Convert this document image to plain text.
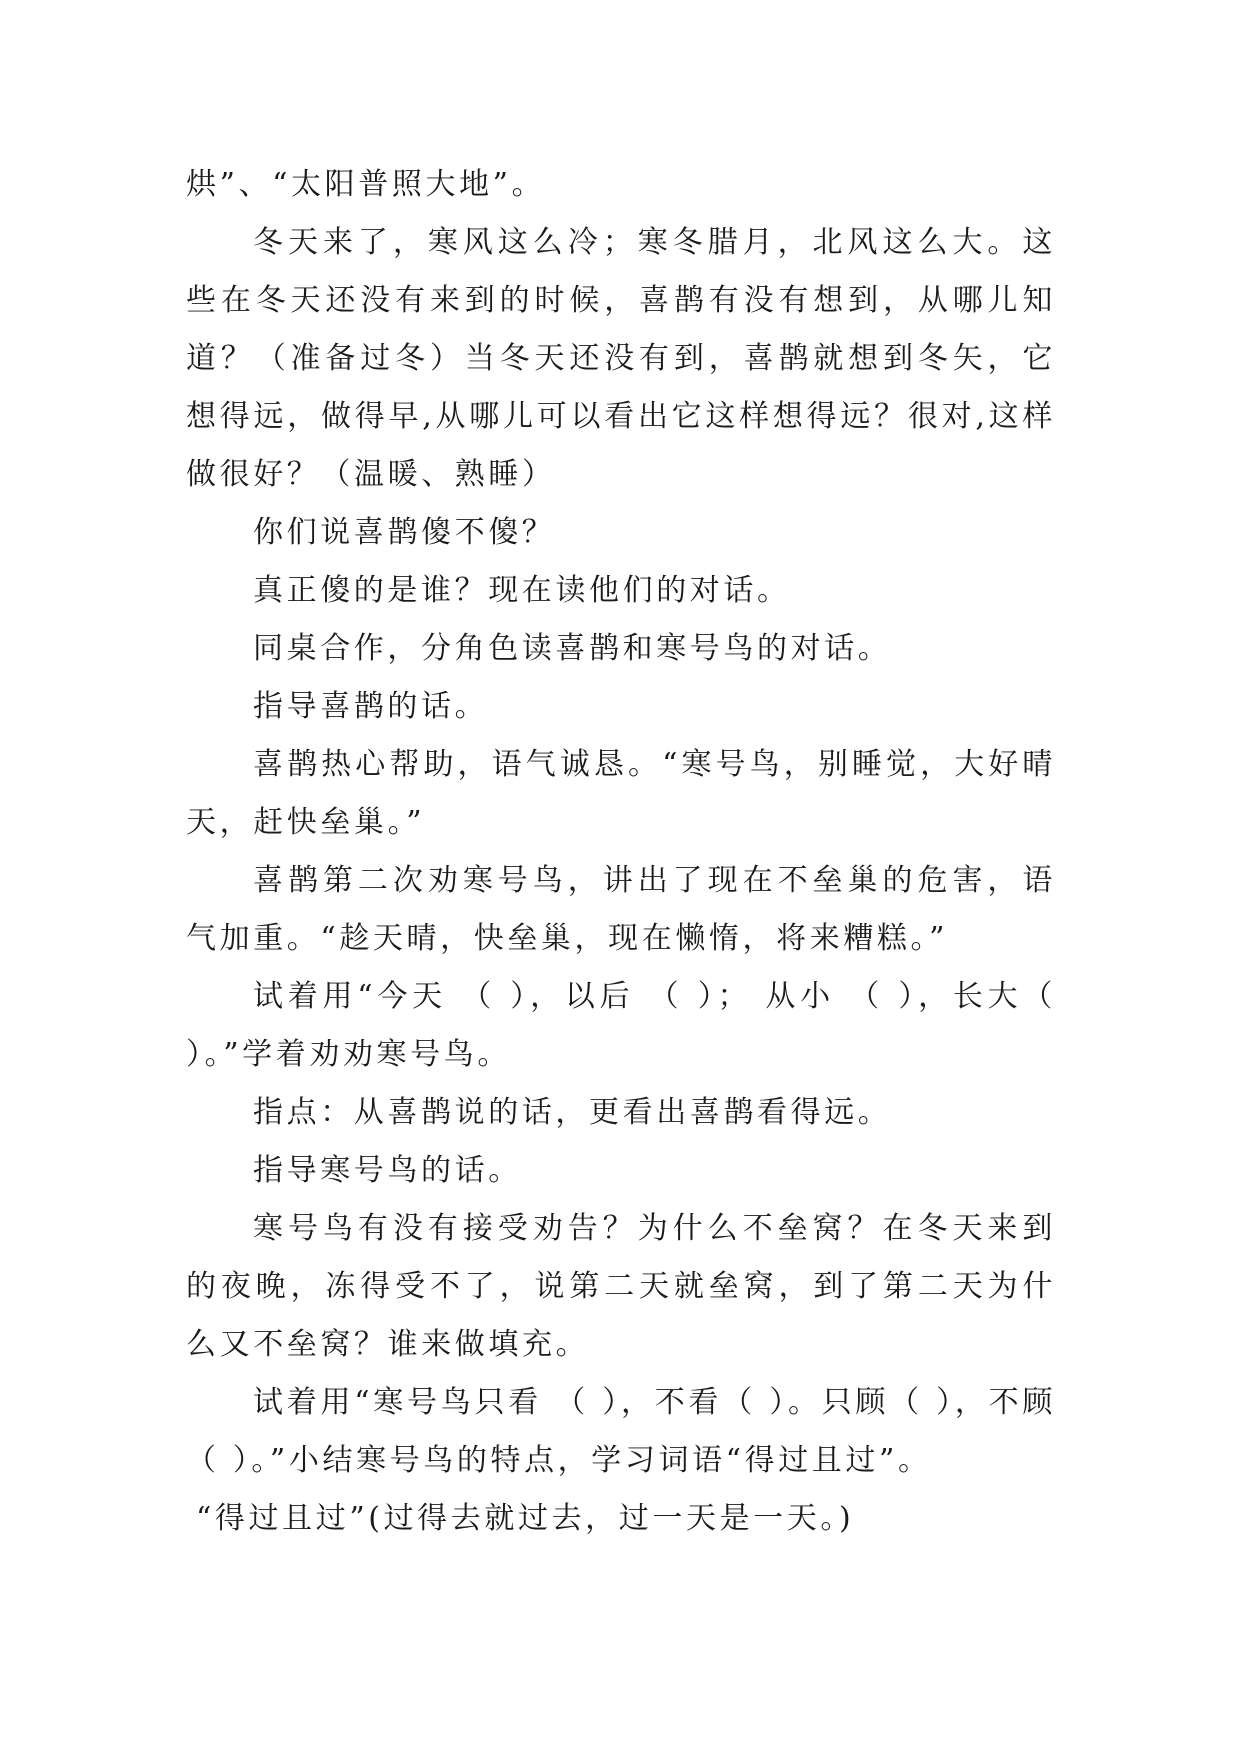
烘”、“太阳普照大地”。

冬天来了，寒风这么冷；寒冬腊月，北风这么大。这些在冬天还没有来到的时候，喜鹊有没有想到，从哪儿知道？（准备过冬）当冬天还没有到，喜鹊就想到冬矢，它想得远，做得早,从哪儿可以看出它这样想得远？很对,这样做很好？（温暖、熟睡）

你们说喜鹊傻不傻？

真正傻的是谁？现在读他们的对话。

同桌合作，分角色读喜鹊和寒号鸟的对话。

指导喜鹊的话。

喜鹊热心帮助，语气诚恳。“寒号鸟，别睡觉，大好晴天，赶快垒巢。”

喜鹊第二次劝寒号鸟，讲出了现在不垒巢的危害，语气加重。“趁天晴，快垒巢，现在懒惰，将来糟糕。”

试着用“今天 （ ），以后 （ ）； 从小 （ ），长大（ ）。”学着劝劝寒号鸟。

指点：从喜鹊说的话，更看出喜鹊看得远。

指导寒号鸟的话。

寒号鸟有没有接受劝告？为什么不垒窝？在冬天来到的夜晚，冻得受不了，说第二天就垒窝，到了第二天为什么又不垒窝？谁来做填充。

试着用“寒号鸟只看 （ ），不看（ ）。只顾（ ），不顾 （ ）。”小结寒号鸟的特点，学习词语“得过且过”。

“得过且过”(过得去就过去，过一天是一天。)
